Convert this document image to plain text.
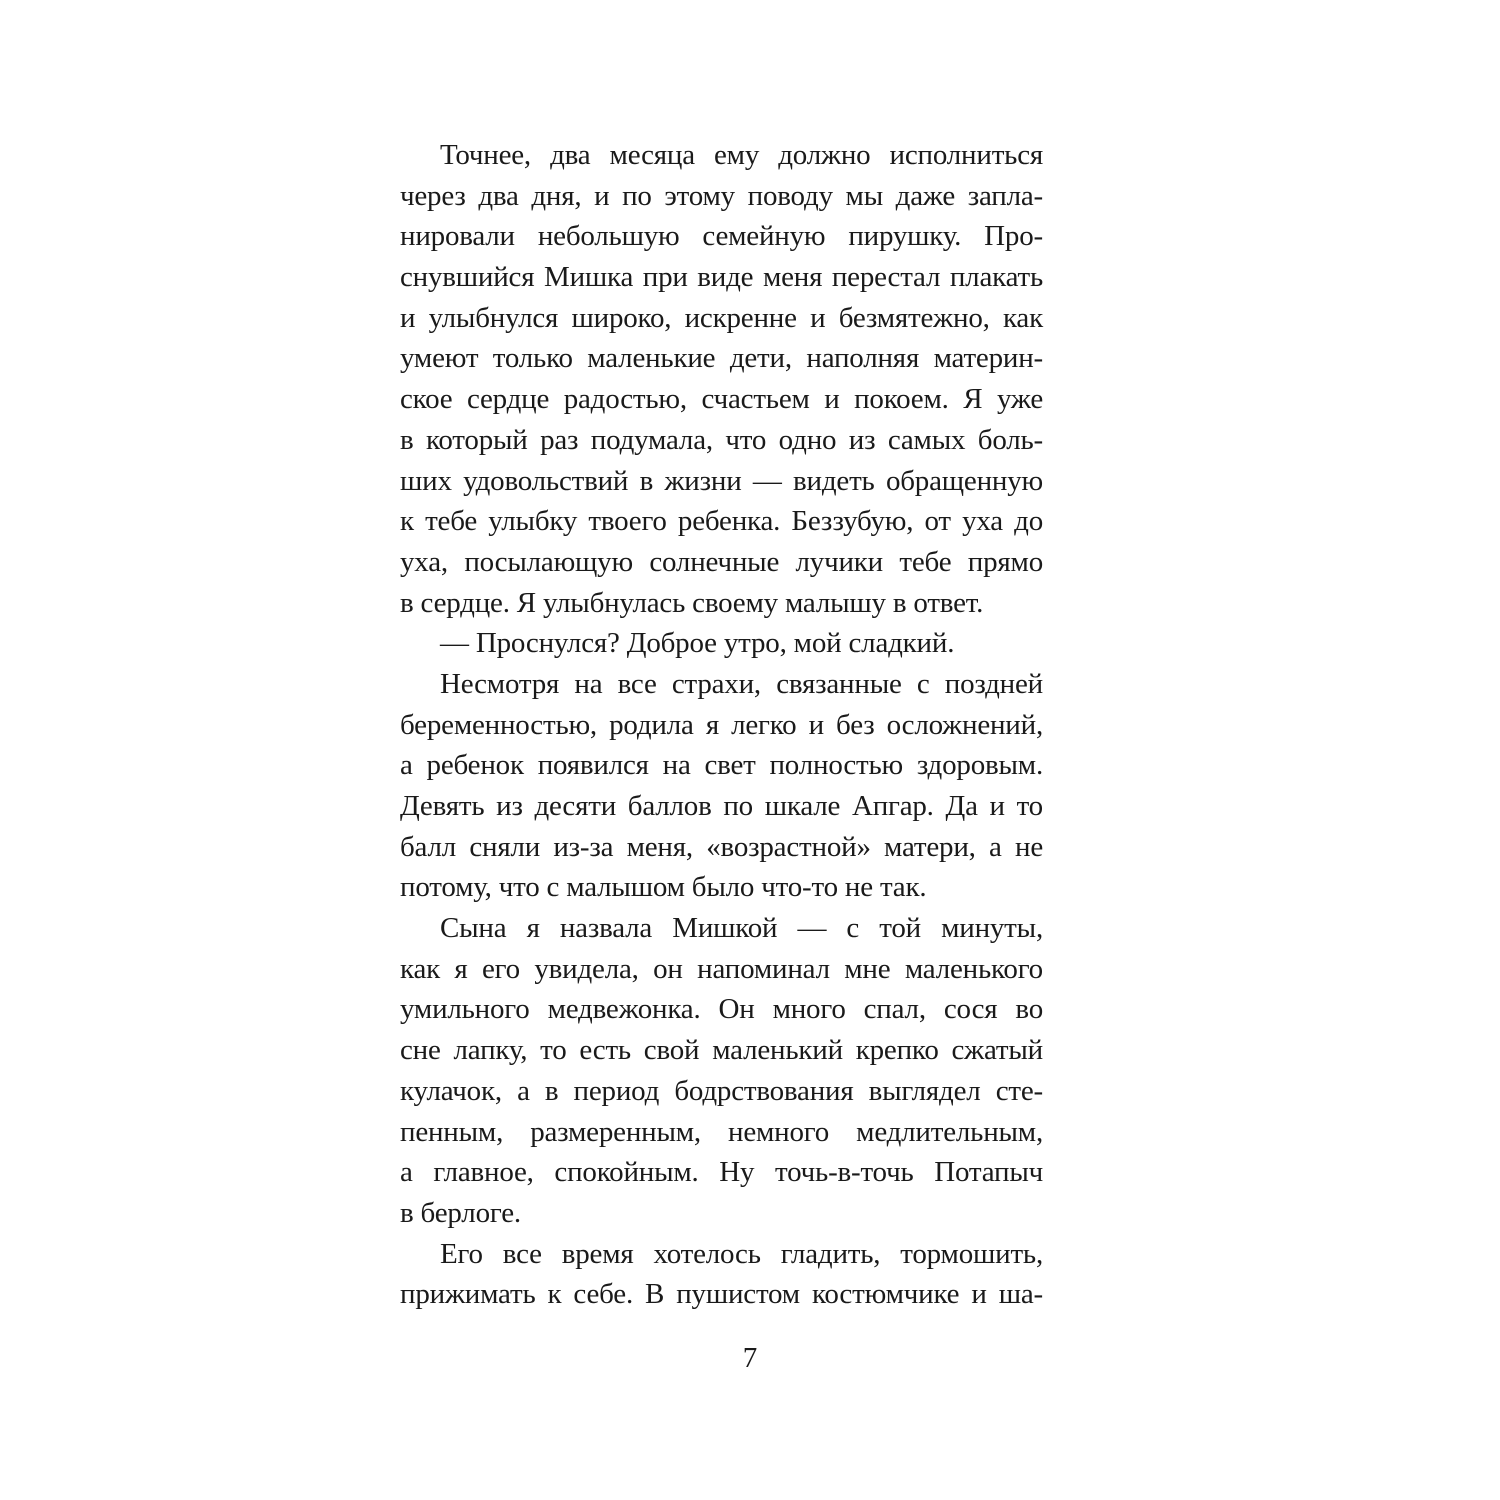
Точнее, два месяца ему должно исполниться
через два дня, и по этому поводу мы даже запла-
нировали небольшую семейную пирушку. Про-
снувшийся Мишка при виде меня перестал плакать
и улыбнулся широко, искренне и безмятежно, как
умеют только маленькие дети, наполняя материн-
ское сердце радостью, счастьем и покоем. Я уже
в который раз подумала, что одно из самых боль-
ших удовольствий в жизни — видеть обращенную
к тебе улыбку твоего ребенка. Беззубую, от уха до
уха, посылающую солнечные лучики тебе прямо
в сердце. Я улыбнулась своему малышу в ответ.
— Проснулся? Доброе утро, мой сладкий.
Несмотря на все страхи, связанные с поздней
беременностью, родила я легко и без осложнений,
а ребенок появился на свет полностью здоровым.
Девять из десяти баллов по шкале Апгар. Да и то
балл сняли из-за меня, «возрастной» матери, а не
потому, что с малышом было что-то не так.
Сына я назвала Мишкой — с той минуты,
как я его увидела, он напоминал мне маленького
умильного медвежонка. Он много спал, сося во
сне лапку, то есть свой маленький крепко сжатый
кулачок, а в период бодрствования выглядел сте-
пенным, размеренным, немного медлительным,
а главное, спокойным. Ну точь-в-точь Потапыч
в берлоге.
Его все время хотелось гладить, тормошить,
прижимать к себе. В пушистом костюмчике и ша-
7
